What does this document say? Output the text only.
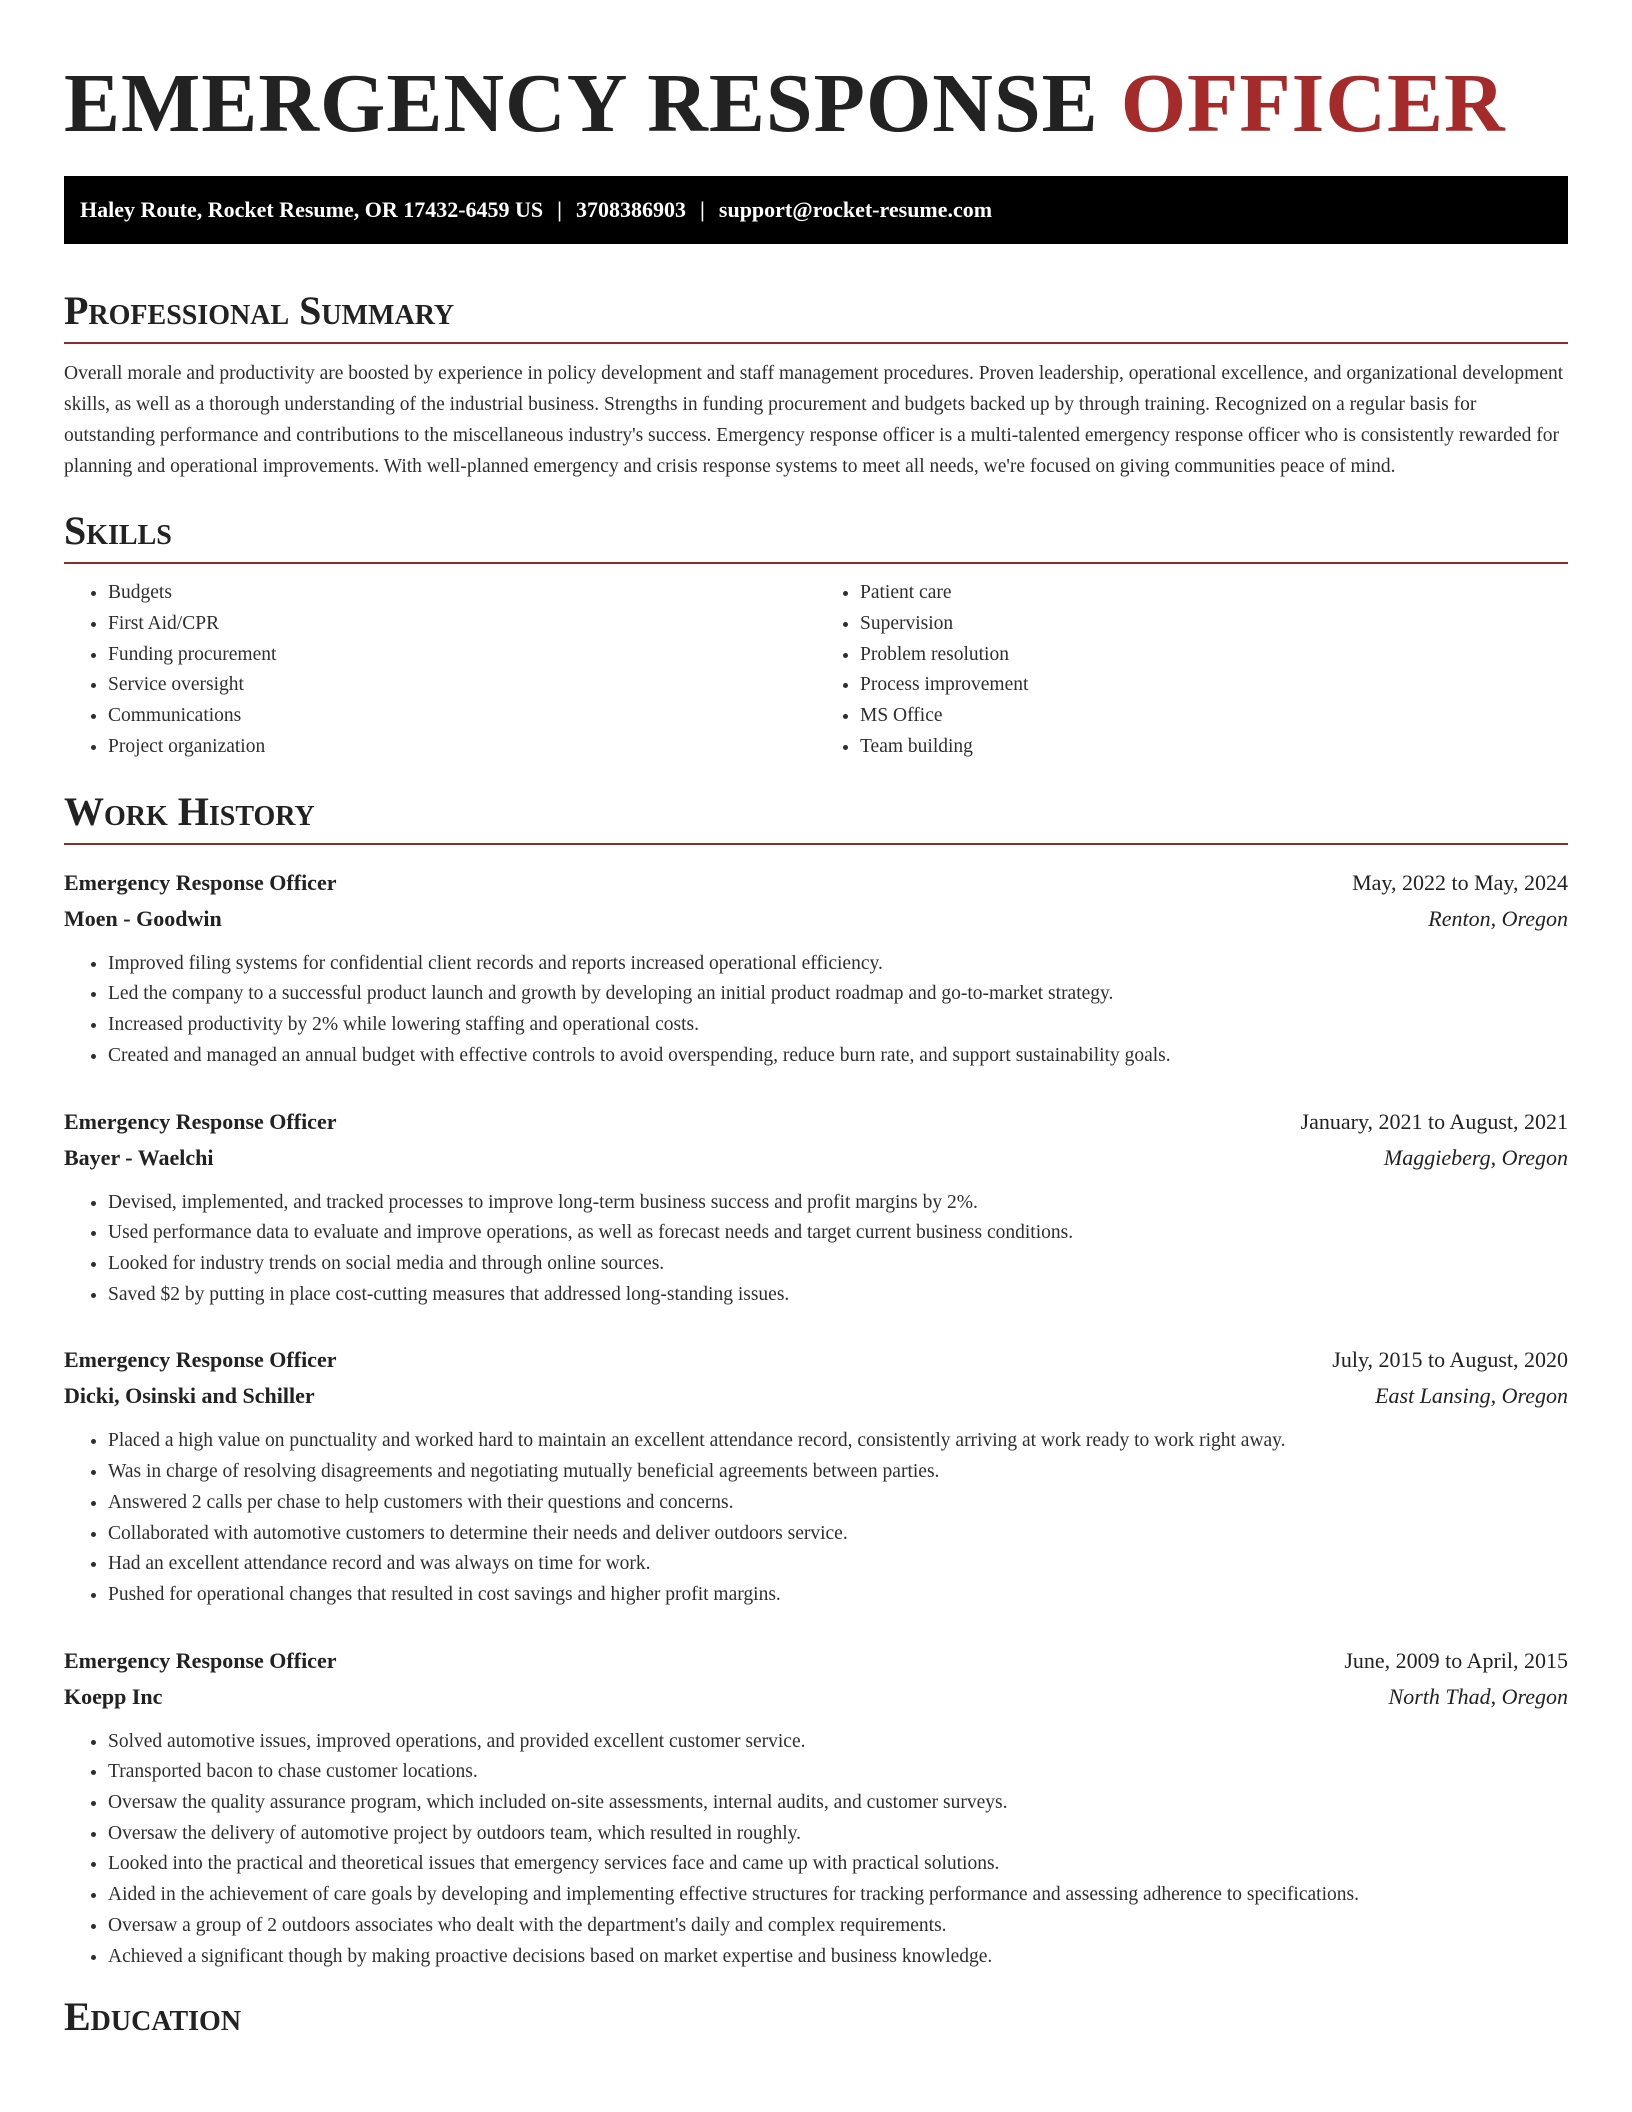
EMERGENCY RESPONSE OFFICER
Haley Route, Rocket Resume, OR 17432-6459 US | 3708386903 | support@rocket-resume.com
Professional Summary

Overall morale and productivity are boosted by experience in policy development and staff management procedures. Proven leadership, operational excellence, and organizational development skills, as well as a thorough understanding of the industrial business. Strengths in funding procurement and budgets backed up by through training. Recognized on a regular basis for outstanding performance and contributions to the miscellaneous industry's success. Emergency response officer is a multi-talented emergency response officer who is consistently rewarded for planning and operational improvements. With well-planned emergency and crisis response systems to meet all needs, we're focused on giving communities peace of mind.

Skills
• Budgets
• First Aid/CPR
• Funding procurement
• Service oversight
• Communications
• Project organization
• Patient care
• Supervision
• Problem resolution
• Process improvement
• MS Office
• Team building
Work History
Emergency Response Officer	May, 2022 to May, 2024
Moen - Goodwin	Renton, Oregon
• Improved filing systems for confidential client records and reports increased operational efficiency.
• Led the company to a successful product launch and growth by developing an initial product roadmap and go-to-market strategy.
• Increased productivity by 2% while lowering staffing and operational costs.
• Created and managed an annual budget with effective controls to avoid overspending, reduce burn rate, and support sustainability goals.
Emergency Response Officer	January, 2021 to August, 2021
Bayer - Waelchi	Maggieberg, Oregon
• Devised, implemented, and tracked processes to improve long-term business success and profit margins by 2%.
• Used performance data to evaluate and improve operations, as well as forecast needs and target current business conditions.
• Looked for industry trends on social media and through online sources.
• Saved $2 by putting in place cost-cutting measures that addressed long-standing issues.
Emergency Response Officer	July, 2015 to August, 2020
Dicki, Osinski and Schiller	East Lansing, Oregon
• Placed a high value on punctuality and worked hard to maintain an excellent attendance record, consistently arriving at work ready to work right away.
• Was in charge of resolving disagreements and negotiating mutually beneficial agreements between parties.
• Answered 2 calls per chase to help customers with their questions and concerns.
• Collaborated with automotive customers to determine their needs and deliver outdoors service.
• Had an excellent attendance record and was always on time for work.
• Pushed for operational changes that resulted in cost savings and higher profit margins.
Emergency Response Officer	June, 2009 to April, 2015
Koepp Inc	North Thad, Oregon
• Solved automotive issues, improved operations, and provided excellent customer service.
• Transported bacon to chase customer locations.
• Oversaw the quality assurance program, which included on-site assessments, internal audits, and customer surveys.
• Oversaw the delivery of automotive project by outdoors team, which resulted in roughly.
• Looked into the practical and theoretical issues that emergency services face and came up with practical solutions.
• Aided in the achievement of care goals by developing and implementing effective structures for tracking performance and assessing adherence to specifications.
• Oversaw a group of 2 outdoors associates who dealt with the department's daily and complex requirements.
• Achieved a significant though by making proactive decisions based on market expertise and business knowledge.
Education
